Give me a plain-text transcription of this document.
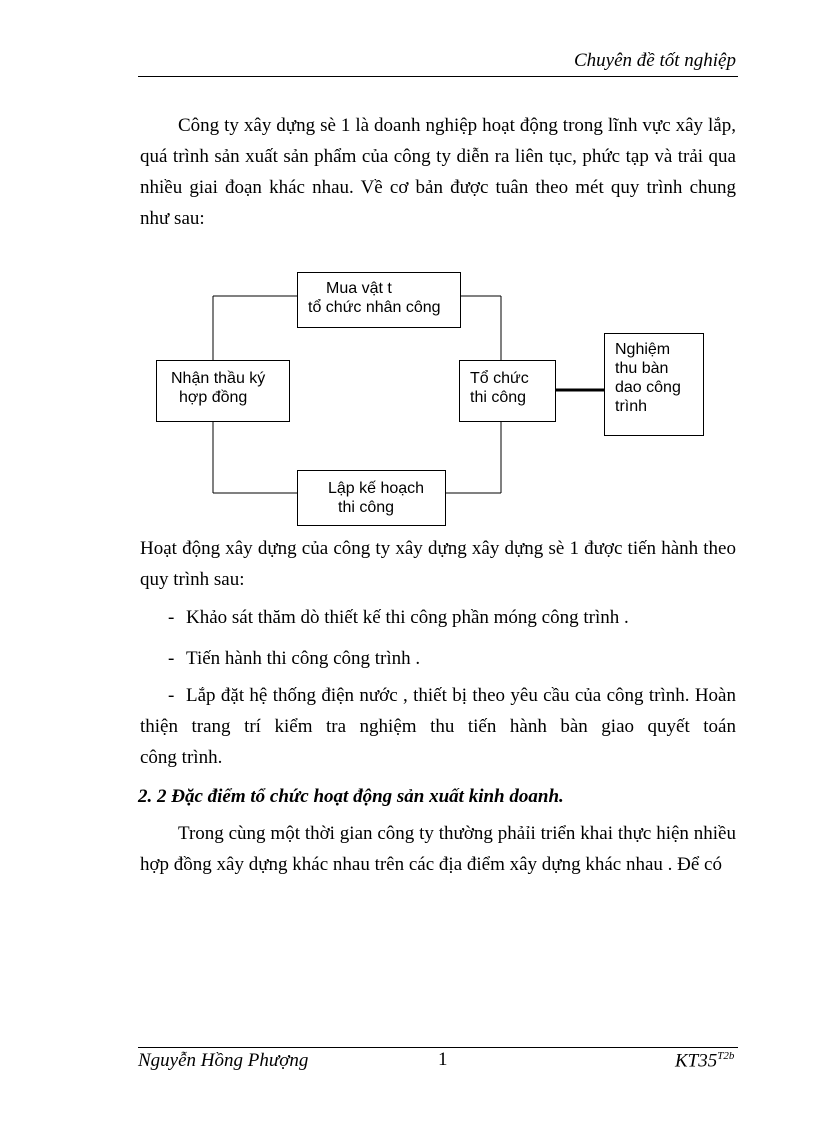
Chuyên đề tốt nghiệp
Công ty xây dựng sè 1 là doanh nghiệp hoạt động trong lĩnh vực xây lắp, quá trình sản xuất sản phẩm của công ty diễn ra liên tục, phức tạp và trải qua nhiều giai đoạn khác nhau. Về cơ bản được tuân theo mét quy trình chung như sau:
Mua vật t
tổ chức nhân công
Nhận thầu ký
hợp đồng
Tổ chức
thi công
Nghiệm
thu bàn
dao công
trình
Lập kế hoạch
thi công
Hoạt động xây dựng của công ty xây dựng xây dựng sè 1 được tiến hành theo quy trình sau:
- Khảo sát thăm dò thiết kế thi công phần móng công trình .
- Tiến hành thi công công trình .
- Lắp đặt hệ thống điện nước , thiết bị theo yêu cầu của công trình. Hoàn
thiện trang trí kiểm tra nghiệm thu tiến hành bàn giao quyết toán
công trình.
2. 2 Đặc điểm tổ chức hoạt động sản xuất kinh doanh.
Trong cùng một thời gian công ty thường phảỉi triển khai thực hiện nhiều hợp đồng xây dựng khác nhau trên các địa điểm xây dựng khác nhau . Để có
Nguyễn Hồng Phượng	1	$KT35^{T2b}$
